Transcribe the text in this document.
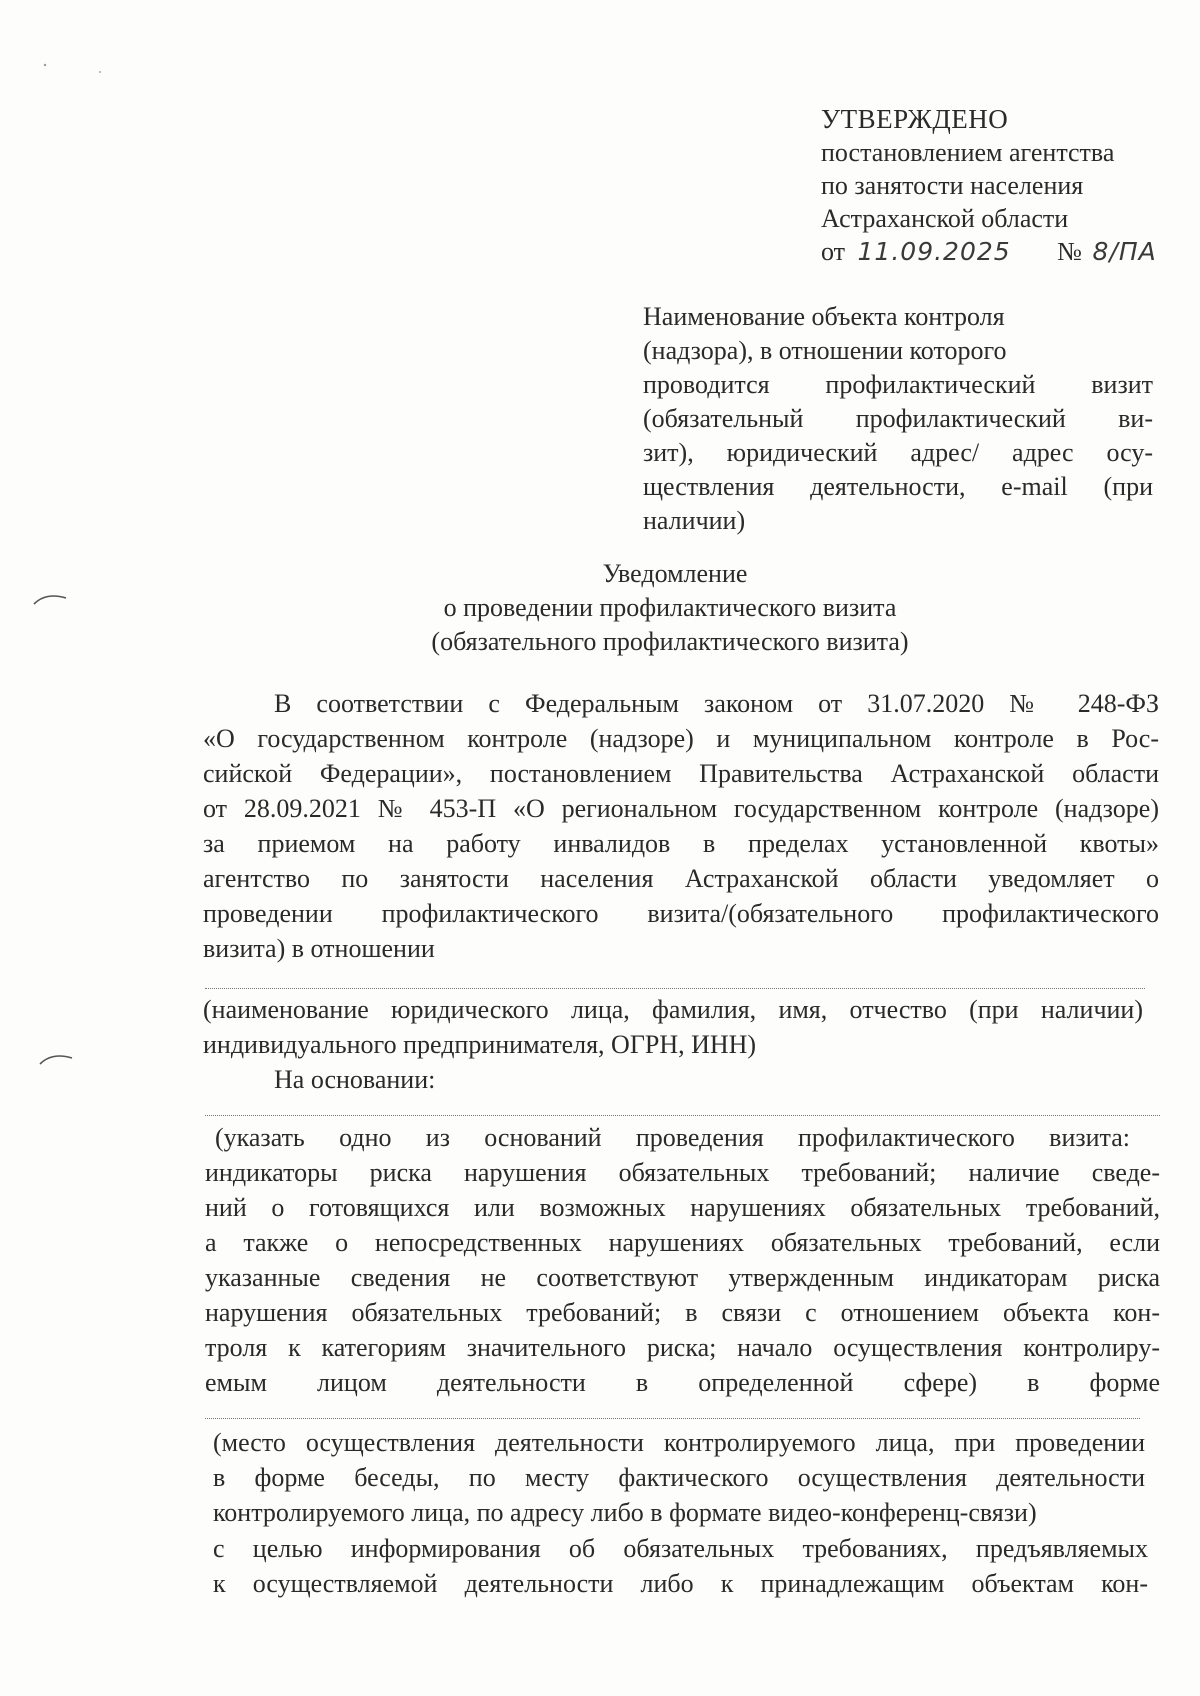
УТВЕРЖДЕНО
постановлением агентства
по занятости населения
Астраханской области
от 11.09.2025 № 8/ПА
Наименование объекта контроля
(надзора), в отношении которого
проводится профилактический визит
(обязательный профилактический ви-
зит), юридический адрес/ адрес осу-
ществления деятельности, e-mail (при
наличии)
Уведомление
о проведении профилактического визита
(обязательного профилактического визита)
В соответствии с Федеральным законом от 31.07.2020 № 248-ФЗ
«О государственном контроле (надзоре) и муниципальном контроле в Рос-
сийской Федерации», постановлением Правительства Астраханской области
от 28.09.2021 № 453-П «О региональном государственном контроле (надзоре)
за приемом на работу инвалидов в пределах установленной квоты»
агентство по занятости населения Астраханской области уведомляет о
проведении профилактического визита/(обязательного профилактического
визита) в отношении
(наименование юридического лица, фамилия, имя, отчество (при наличии)
индивидуального предпринимателя, ОГРН, ИНН)
На основании:
(указать одно из оснований проведения профилактического визита:
индикаторы риска нарушения обязательных требований; наличие сведе-
ний о готовящихся или возможных нарушениях обязательных требований,
а также о непосредственных нарушениях обязательных требований, если
указанные сведения не соответствуют утвержденным индикаторам риска
нарушения обязательных требований; в связи с отношением объекта кон-
троля к категориям значительного риска; начало осуществления контролиру-
емым лицом деятельности в определенной сфере) в форме
(место осуществления деятельности контролируемого лица, при проведении
в форме беседы, по месту фактического осуществления деятельности
контролируемого лица, по адресу либо в формате видео-конференц-связи)
с целью информирования об обязательных требованиях, предъявляемых
к осуществляемой деятельности либо к принадлежащим объектам кон-
